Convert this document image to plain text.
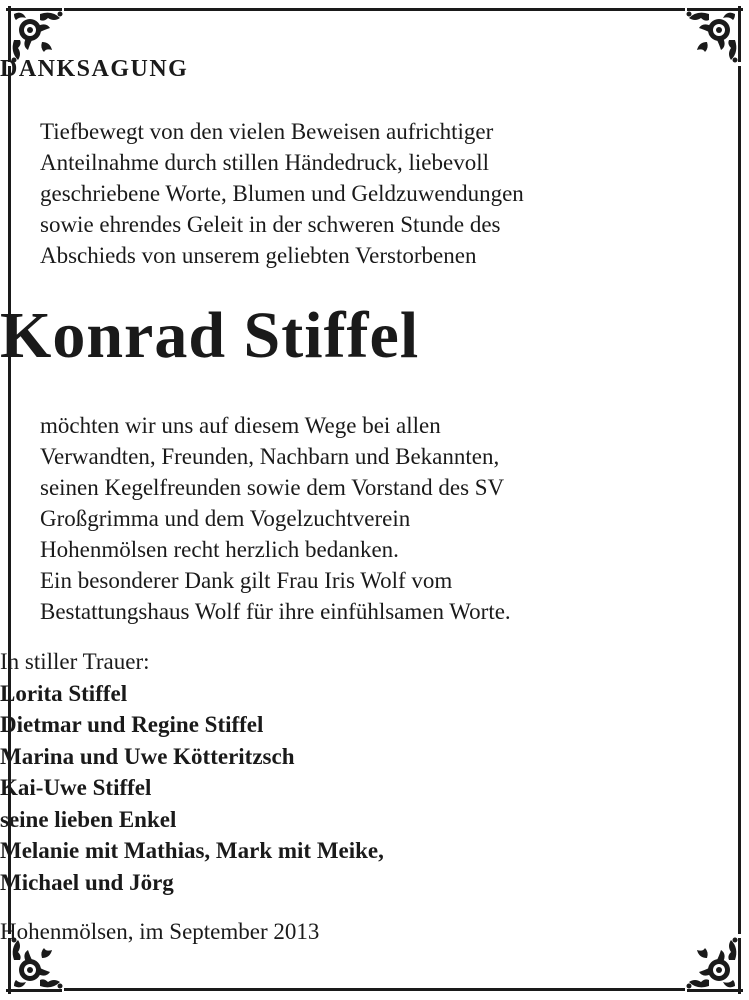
DANKSAGUNG
Tiefbewegt von den vielen Beweisen aufrichtiger
Anteilnahme durch stillen Händedruck, liebevoll
geschriebene Worte, Blumen und Geldzuwendungen
sowie ehrendes Geleit in der schweren Stunde des
Abschieds von unserem geliebten Verstorbenen
Konrad Stiffel
möchten wir uns auf diesem Wege bei allen
Verwandten, Freunden, Nachbarn und Bekannten,
seinen Kegelfreunden sowie dem Vorstand des SV
Großgrimma und dem Vogelzuchtverein
Hohenmölsen recht herzlich bedanken.
Ein besonderer Dank gilt Frau Iris Wolf vom
Bestattungshaus Wolf für ihre einfühlsamen Worte.
In stiller Trauer:
Lorita Stiffel
Dietmar und Regine Stiffel
Marina und Uwe Kötteritzsch
Kai-Uwe Stiffel
seine lieben Enkel
Melanie mit Mathias, Mark mit Meike,
Michael und Jörg
Hohenmölsen, im September 2013
